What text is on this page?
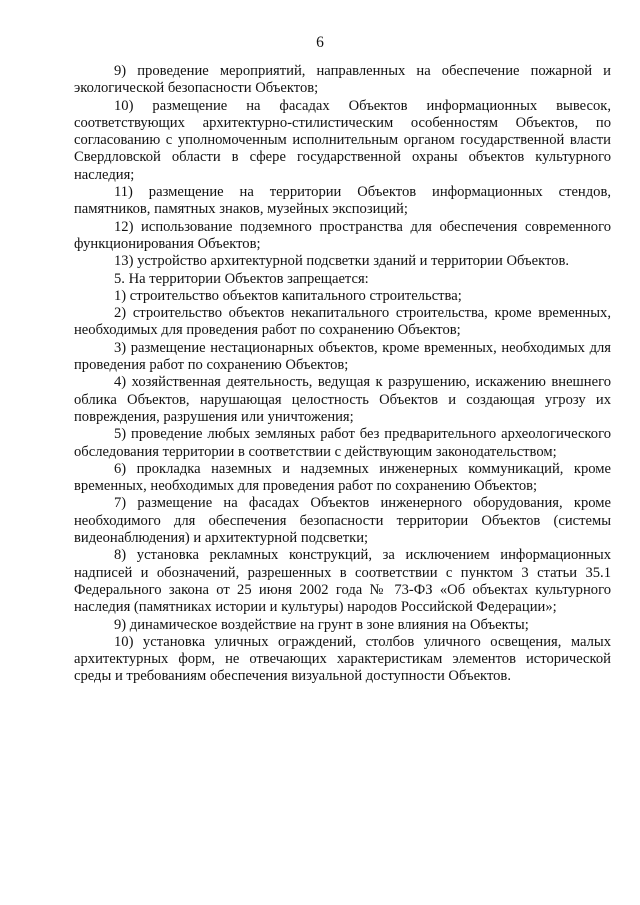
6

9) проведение мероприятий, направленных на обеспечение пожарной и экологической безопасности Объектов;

10) размещение на фасадах Объектов информационных вывесок, соответствующих архитектурно-стилистическим особенностям Объектов, по согласованию с уполномоченным исполнительным органом государственной власти Свердловской области в сфере государственной охраны объектов культурного наследия;

11) размещение на территории Объектов информационных стендов, памятников, памятных знаков, музейных экспозиций;

12) использование подземного пространства для обеспечения современного функционирования Объектов;

13) устройство архитектурной подсветки зданий и территории Объектов.

5. На территории Объектов запрещается:

1) строительство объектов капитального строительства;

2) строительство объектов некапитального строительства, кроме временных, необходимых для проведения работ по сохранению Объектов;

3) размещение нестационарных объектов, кроме временных, необходимых для проведения работ по сохранению Объектов;

4) хозяйственная деятельность, ведущая к разрушению, искажению внешнего облика Объектов, нарушающая целостность Объектов и создающая угрозу их повреждения, разрушения или уничтожения;

5) проведение любых земляных работ без предварительного археологического обследования территории в соответствии с действующим законодательством;

6) прокладка наземных и надземных инженерных коммуникаций, кроме временных, необходимых для проведения работ по сохранению Объектов;

7) размещение на фасадах Объектов инженерного оборудования, кроме необходимого для обеспечения безопасности территории Объектов (системы видеонаблюдения) и архитектурной подсветки;

8) установка рекламных конструкций, за исключением информационных надписей и обозначений, разрешенных в соответствии с пунктом 3 статьи 35.1 Федерального закона от 25 июня 2002 года № 73-ФЗ «Об объектах культурного наследия (памятниках истории и культуры) народов Российской Федерации»;

9) динамическое воздействие на грунт в зоне влияния на Объекты;

10) установка уличных ограждений, столбов уличного освещения, малых архитектурных форм, не отвечающих характеристикам элементов исторической среды и требованиям обеспечения визуальной доступности Объектов.
